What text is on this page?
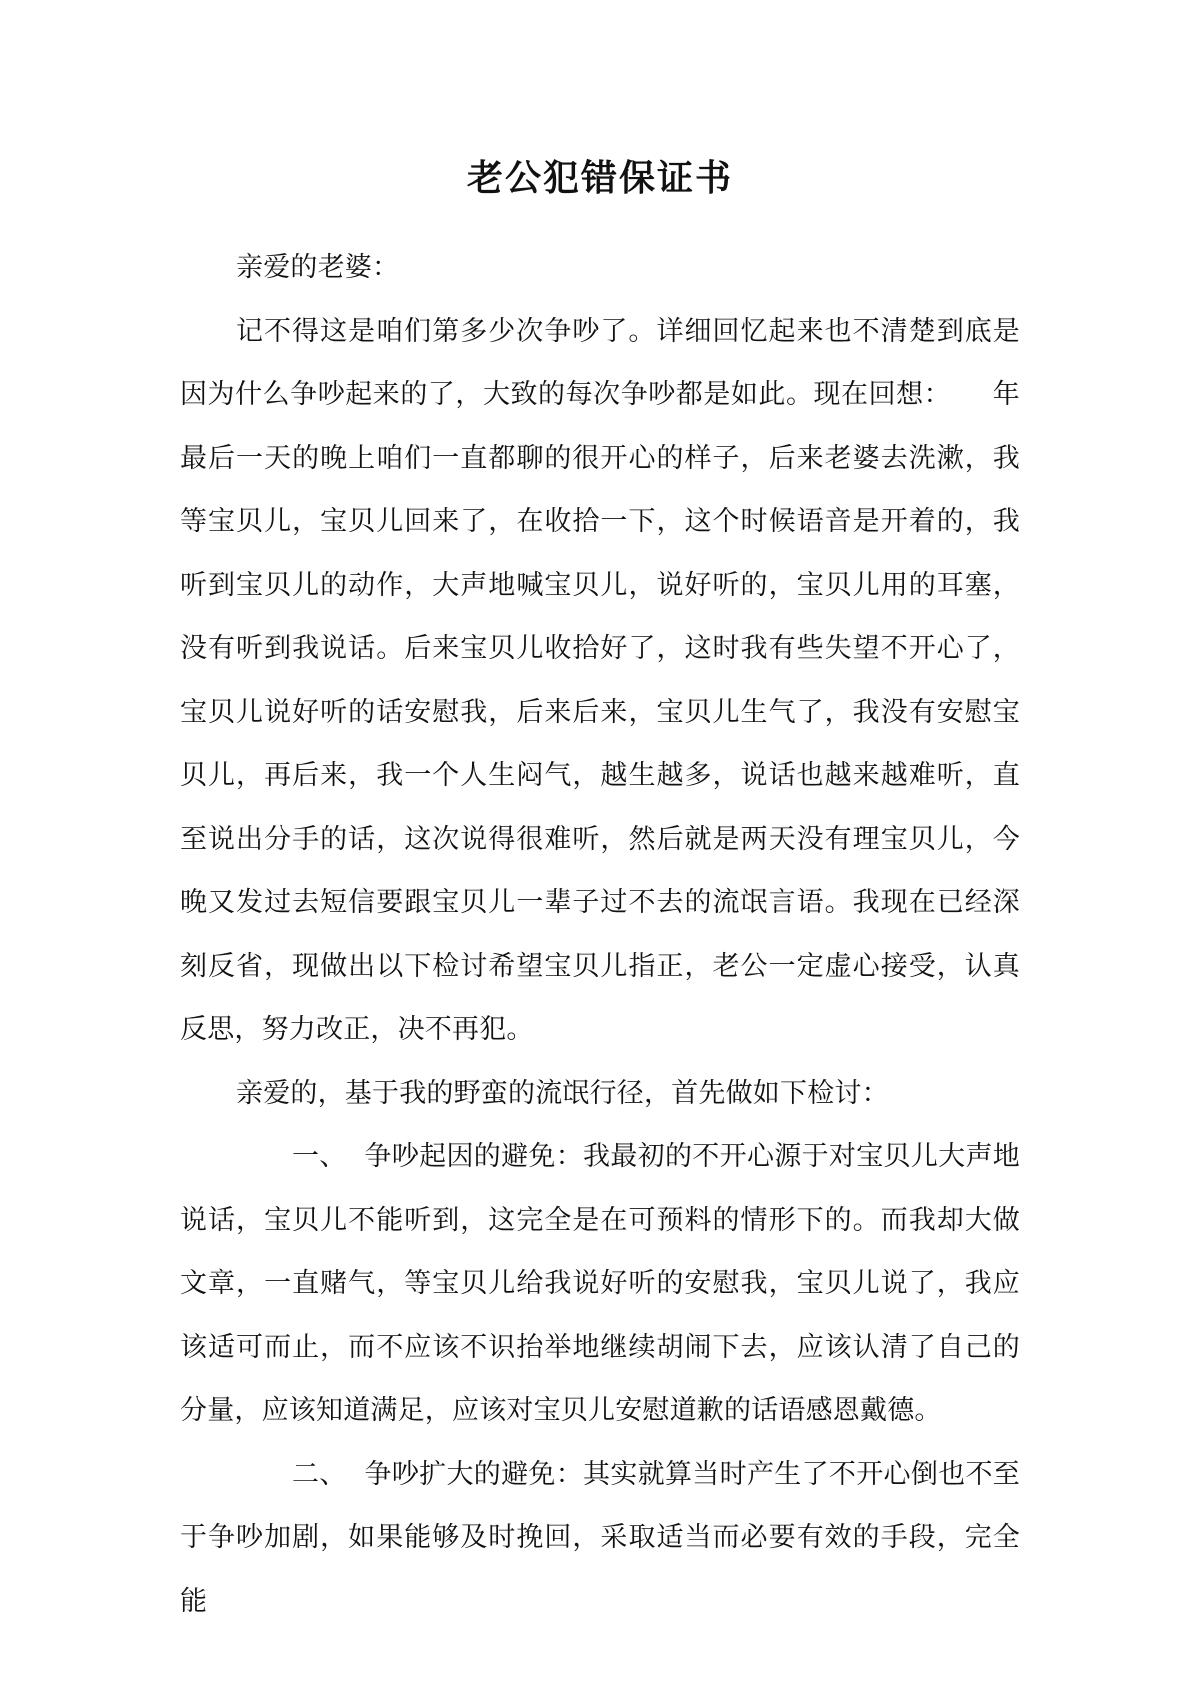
老公犯错保证书

亲爱的老婆：

记不得这是咱们第多少次争吵了。详细回忆起来也不清楚到底是因为什么争吵起来的了，大致的每次争吵都是如此。现在回想：　　年最后一天的晚上咱们一直都聊的很开心的样子，后来老婆去洗漱，我等宝贝儿，宝贝儿回来了，在收拾一下，这个时候语音是开着的，我听到宝贝儿的动作，大声地喊宝贝儿，说好听的，宝贝儿用的耳塞，没有听到我说话。后来宝贝儿收拾好了，这时我有些失望不开心了，宝贝儿说好听的话安慰我，后来后来，宝贝儿生气了，我没有安慰宝贝儿，再后来，我一个人生闷气，越生越多，说话也越来越难听，直至说出分手的话，这次说得很难听，然后就是两天没有理宝贝儿，今晚又发过去短信要跟宝贝儿一辈子过不去的流氓言语。我现在已经深刻反省，现做出以下检讨希望宝贝儿指正，老公一定虚心接受，认真反思，努力改正，决不再犯。

亲爱的，基于我的野蛮的流氓行径，首先做如下检讨：

一、 争吵起因的避免：我最初的不开心源于对宝贝儿大声地说话，宝贝儿不能听到，这完全是在可预料的情形下的。而我却大做文章，一直赌气，等宝贝儿给我说好听的安慰我，宝贝儿说了，我应该适可而止，而不应该不识抬举地继续胡闹下去，应该认清了自己的分量，应该知道满足，应该对宝贝儿安慰道歉的话语感恩戴德。

二、 争吵扩大的避免：其实就算当时产生了不开心倒也不至于争吵加剧，如果能够及时挽回，采取适当而必要有效的手段，完全能
